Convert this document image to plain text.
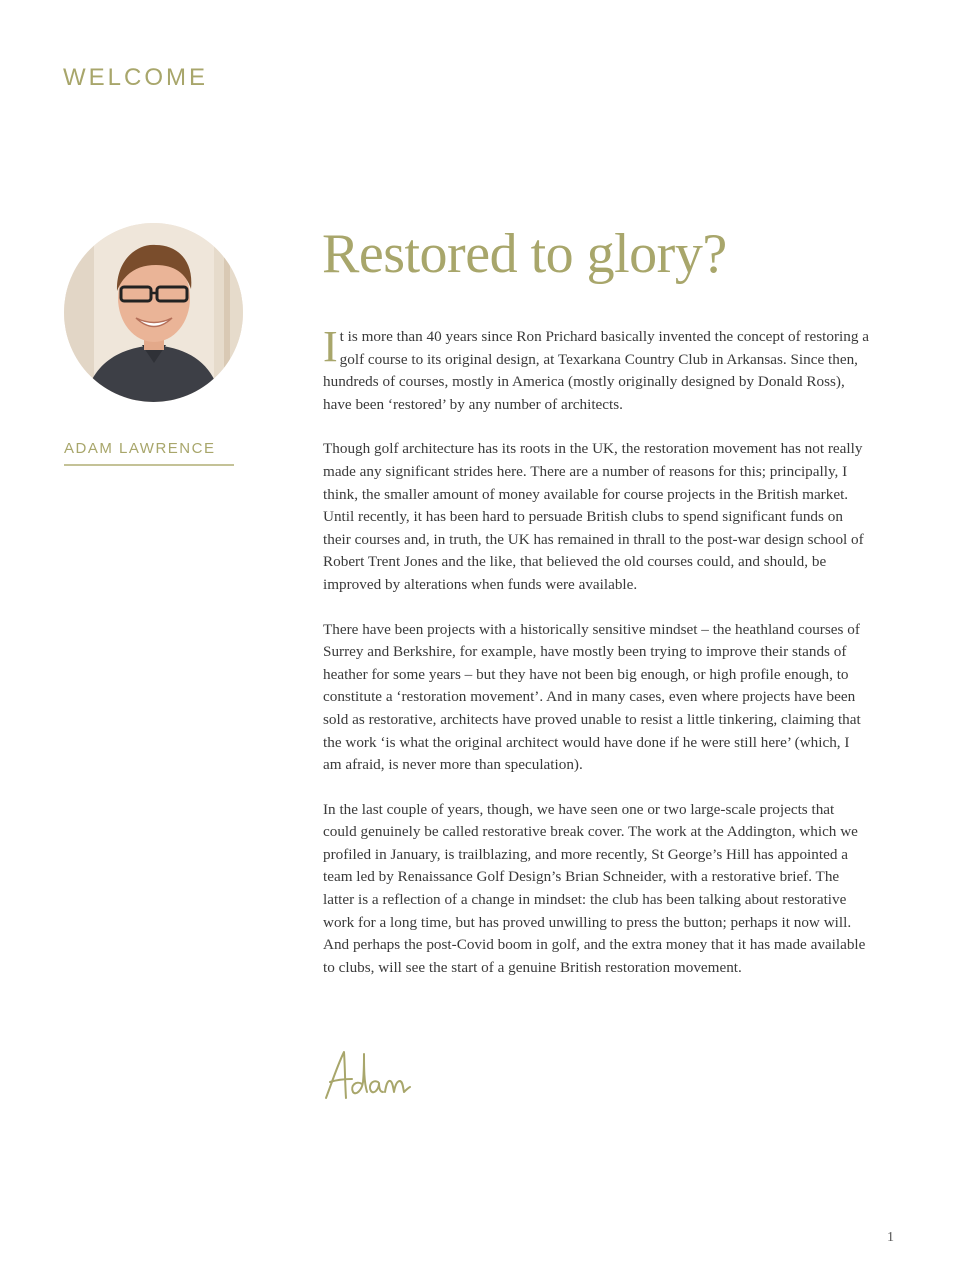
WELCOME
ADAM LAWRENCE
Restored to glory?

It is more than 40 years since Ron Prichard basically invented the concept of restoring a golf course to its original design, at Texarkana Country Club in Arkansas. Since then, hundreds of courses, mostly in America (mostly originally designed by Donald Ross), have been ‘restored’ by any number of architects.

Though golf architecture has its roots in the UK, the restoration movement has not really made any significant strides here. There are a number of reasons for this; principally, I think, the smaller amount of money available for course projects in the British market. Until recently, it has been hard to persuade British clubs to spend significant funds on their courses and, in truth, the UK has remained in thrall to the post-war design school of Robert Trent Jones and the like, that believed the old courses could, and should, be improved by alterations when funds were available.

There have been projects with a historically sensitive mindset – the heathland courses of Surrey and Berkshire, for example, have mostly been trying to improve their stands of heather for some years – but they have not been big enough, or high profile enough, to constitute a ‘restoration movement’. And in many cases, even where projects have been sold as restorative, architects have proved unable to resist a little tinkering, claiming that the work ‘is what the original architect would have done if he were still here’ (which, I am afraid, is never more than speculation).

In the last couple of years, though, we have seen one or two large-scale projects that could genuinely be called restorative break cover. The work at the Addington, which we profiled in January, is trailblazing, and more recently, St George’s Hill has appointed a team led by Renaissance Golf Design’s Brian Schneider, with a restorative brief. The latter is a reflection of a change in mindset: the club has been talking about restorative work for a long time, but has proved unwilling to press the button; perhaps it now will. And perhaps the post-Covid boom in golf, and the extra money that it has made available to clubs, will see the start of a genuine British restoration movement.

1
